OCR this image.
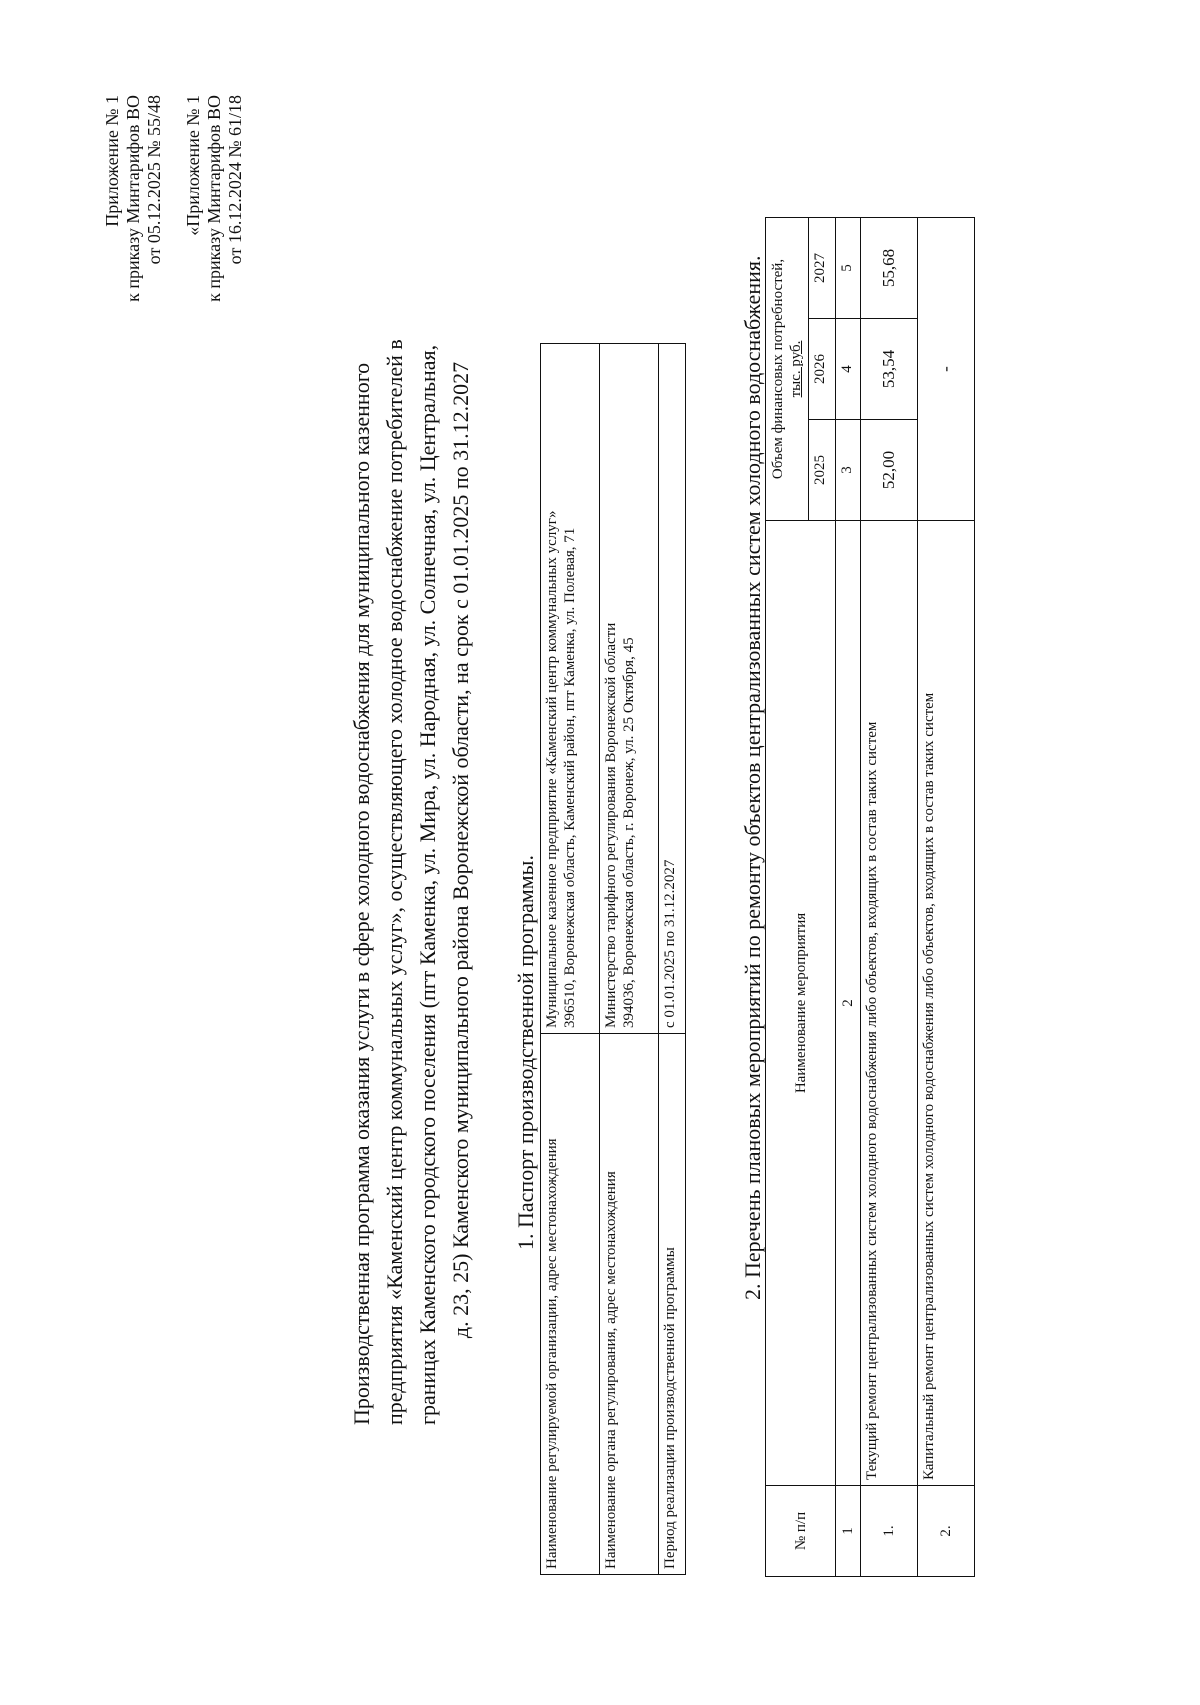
Приложение № 1 к приказу Минтарифов ВО от 05.12.2025 № 55/48 «Приложение № 1 к приказу Минтарифов ВО от 16.12.2024 № 61/18
Производственная программа оказания услуги в сфере холодного водоснабжения для муниципального казенного предприятия «Каменский центр коммунальных услуг», осуществляющего холодное водоснабжение потребителей в границах Каменского городского поселения (пгт Каменка, ул. Мира, ул. Народная, ул. Солнечная, ул. Центральная, д. 23, 25) Каменского муниципального района Воронежской области, на срок с 01.01.2025 по 31.12.2027 1. Паспорт производственной программы.
Наименование регулируемой организации, адрес местонахождения	Муниципальное казенное предприятие «Каменский центр коммунальных услуг» 396510, Воронежская область, Каменский район, пгт Каменка, ул. Полевая, 71

Наименование органа регулирования, адрес местонахождения	Министерство тарифного регулирования Воронежской области 394036, Воронежская область, г. Воронеж, ул. 25 Октября, 45

Период реализации производственной программы	с 01.01.2025 по 31.12.2027	2. Перечень плановых мероприятий по ремонту объектов централизованных систем холодного водоснабжения.
№ п/п	Наименование мероприятия	Объем финансовых потребностей, тыс. руб.		

		2025	2026	2027
1	2	3	4	5
1.	Текущий ремонт централизованных систем холодного водоснабжения либо объектов, входящих в состав таких систем	52,00	53,54	55,68
2.	Капитальный ремонт централизованных систем холодного водоснабжения либо объектов, входящих в состав таких систем	-		
